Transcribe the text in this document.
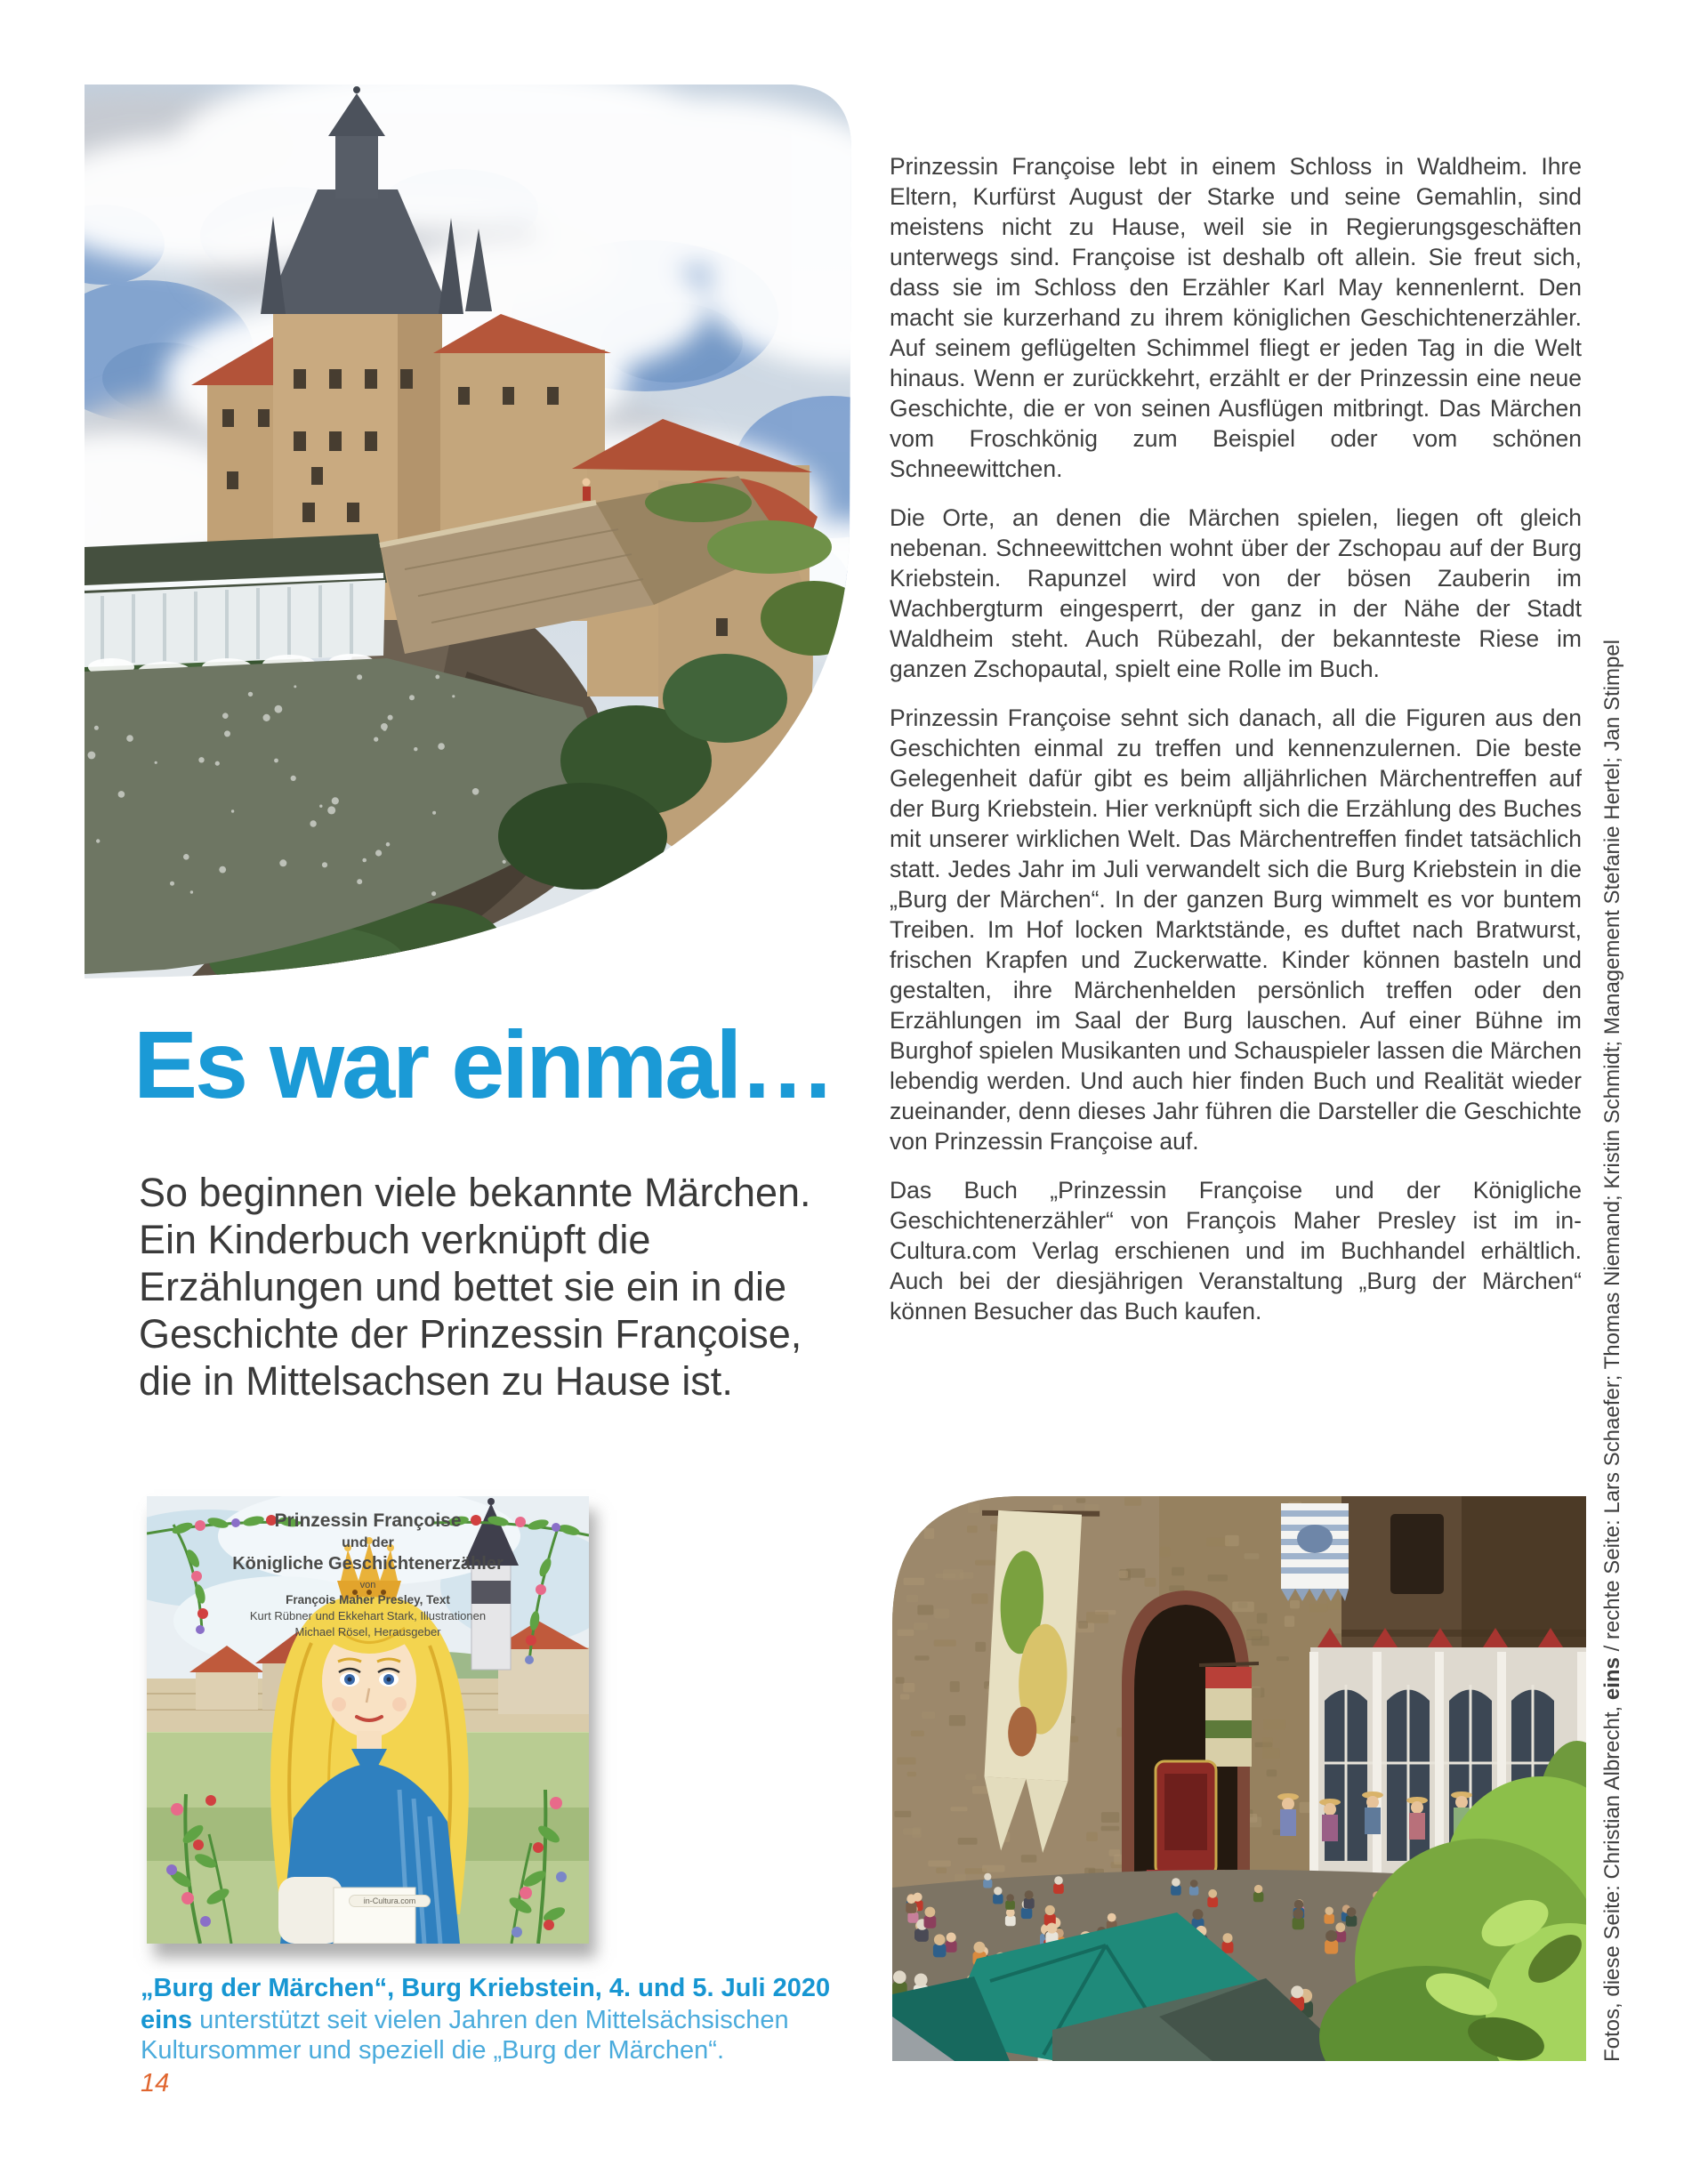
Prinzessin Françoise lebt in einem Schloss in Waldheim. Ihre Eltern, Kurfürst August der Starke und seine Gemahlin, sind meistens nicht zu Hause, weil sie in Regierungsgeschäften unterwegs sind. Françoise ist deshalb oft allein. Sie freut sich, dass sie im Schloss den Erzähler Karl May kennenlernt. Den macht sie kurzerhand zu ihrem königlichen Geschichtenerzähler. Auf seinem geflügelten Schimmel fliegt er jeden Tag in die Welt hinaus. Wenn er zurückkehrt, erzählt er der Prinzessin eine neue Geschichte, die er von seinen Ausflügen mitbringt. Das Märchen vom Froschkönig zum Beispiel oder vom schönen Schneewittchen.

Die Orte, an denen die Märchen spielen, liegen oft gleich nebenan. Schneewittchen wohnt über der Zschopau auf der Burg Kriebstein. Rapunzel wird von der bösen Zauberin im Wachbergturm eingesperrt, der ganz in der Nähe der Stadt Waldheim steht. Auch Rübezahl, der bekannteste Riese im ganzen Zschopautal, spielt eine Rolle im Buch.

Prinzessin Françoise sehnt sich danach, all die Figuren aus den Geschichten einmal zu treffen und kennenzulernen. Die beste Gelegenheit dafür gibt es beim alljährlichen Märchentreffen auf der Burg Kriebstein. Hier verknüpft sich die Erzählung des Buches mit unserer wirklichen Welt. Das Märchentreffen findet tatsächlich statt. Jedes Jahr im Juli verwandelt sich die Burg Kriebstein in die „Burg der Märchen“. In der ganzen Burg wimmelt es vor buntem Treiben. Im Hof locken Marktstände, es duftet nach Bratwurst, frischen Krapfen und Zuckerwatte. Kinder können basteln und gestalten, ihre Märchenhelden persönlich treffen oder den Erzählungen im Saal der Burg lauschen. Auf einer Bühne im Burghof spielen Musikanten und Schauspieler lassen die Märchen lebendig werden. Und auch hier finden Buch und Realität wieder zueinander, denn dieses Jahr führen die Darsteller die Geschichte von Prinzessin Françoise auf.

Das Buch „Prinzessin Françoise und der Königliche Geschichtenerzähler“ von François Maher Presley ist im in-Cultura.com Verlag erschienen und im Buchhandel erhältlich. Auch bei der diesjährigen Veranstaltung „Burg der Märchen“ können Besucher das Buch kaufen.

Es war einmal…
So beginnen viele bekannte Märchen. Ein Kinderbuch verknüpft die Erzählungen und bettet sie ein in die Geschichte der Prinzessin Françoise, die in Mittelsachsen zu Hause ist.
Prinzessin Françoise
und der
Königliche Geschichtenerzähler
von
François Maher Presley, Text
Kurt Rübner und Ekkehart Stark, Illustrationen
Michael Rösel, Herausgeber
in-Cultura.com
„Burg der Märchen“, Burg Kriebstein, 4. und 5. Juli 2020
eins unterstützt seit vielen Jahren den Mittelsächsischen Kultursommer und speziell die „Burg der Märchen“.
14
Fotos, diese Seite: Christian Albrecht, eins / rechte Seite: Lars Schaefer; Thomas Niemand; Kristin Schmidt; Management Stefanie Hertel; Jan Stimpel
